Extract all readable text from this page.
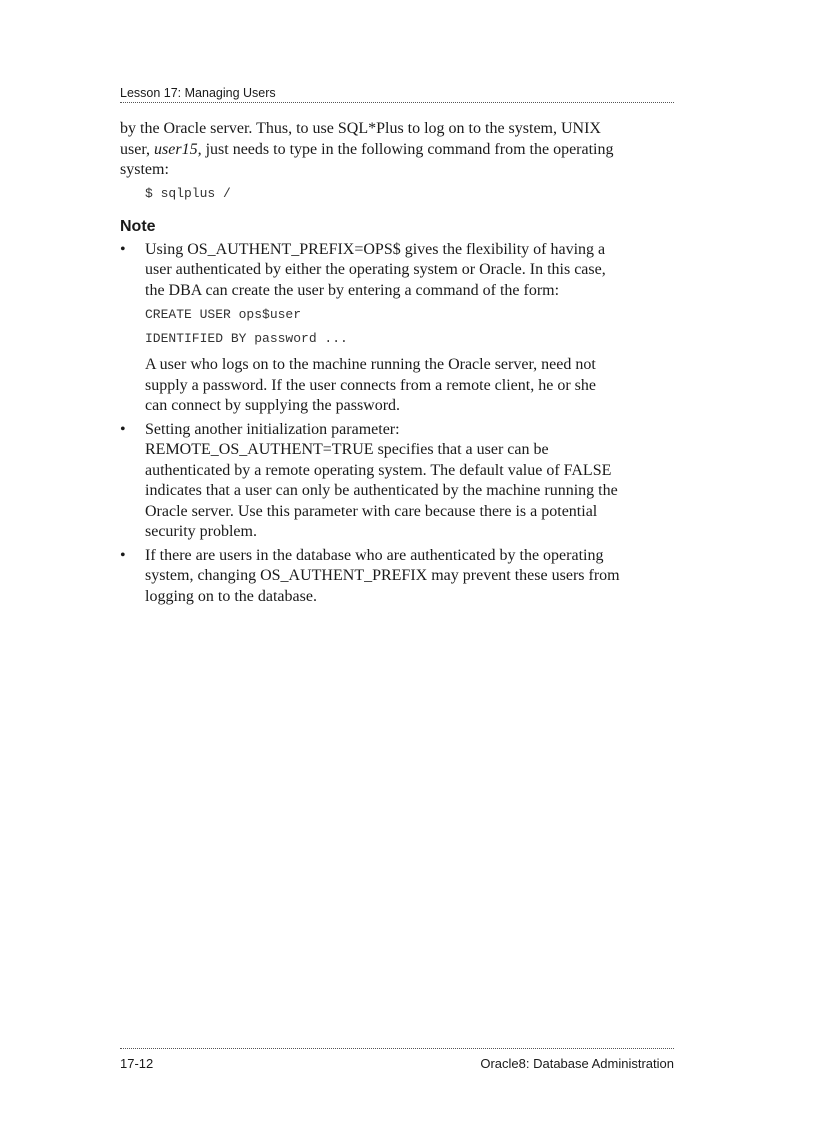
Lesson 17: Managing Users

by the Oracle server. Thus, to use SQL*Plus to log on to the system, UNIX user, user15, just needs to type in the following command from the operating system:

$ sqlplus /
Note
• Using OS_AUTHENT_PREFIX=OPS$ gives the flexibility of having a user authenticated by either the operating system or Oracle. In this case, the DBA can create the user by entering a command of the form:
CREATE USER ops$user
IDENTIFIED BY password ...
A user who logs on to the machine running the Oracle server, need not supply a password. If the user connects from a remote client, he or she can connect by supplying the password.
• Setting another initialization parameter:
REMOTE_OS_AUTHENT=TRUE specifies that a user can be authenticated by a remote operating system. The default value of FALSE indicates that a user can only be authenticated by the machine running the Oracle server. Use this parameter with care because there is a potential security problem.
• If there are users in the database who are authenticated by the operating system, changing OS_AUTHENT_PREFIX may prevent these users from logging on to the database.
17-12	Oracle8: Database Administration
